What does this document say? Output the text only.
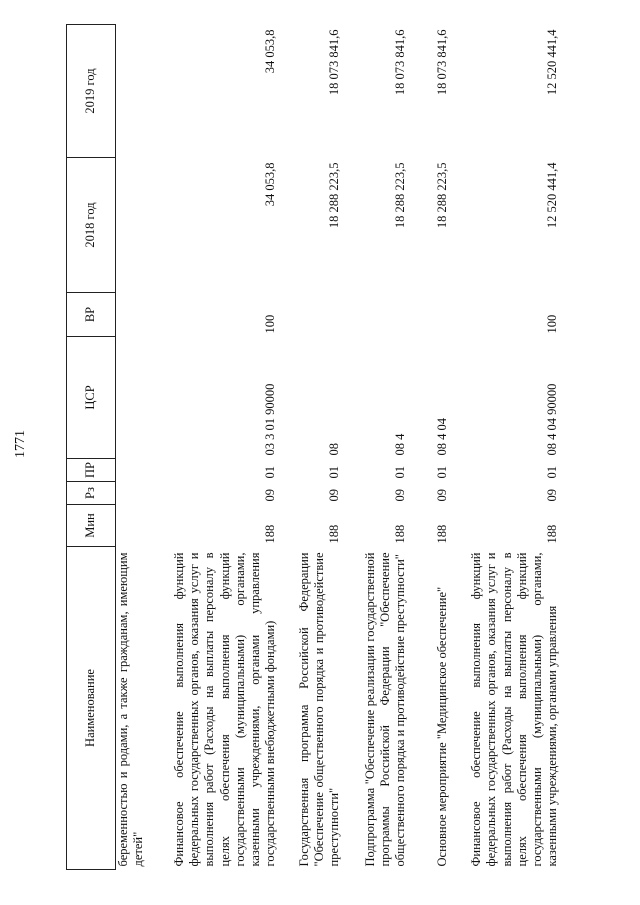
1771
Наименование	Мин	Рз	ПР	ЦСР	ВР	2018 год	2019 год
беременностью и родами, а также гражданам, имеющим детей"							
Финансовое обеспечение выполнения функций федеральных государственных органов, оказания услуг и выполнения работ (Расходы на выплаты персоналу в целях обеспечения выполнения функций государственными (муниципальными) органами, казенными учреждениями, органами управления государственными внебюджетными фондами)	188	09	01	03 3 01 90000	100	34 053,8	34 053,8
Государственная программа Российской Федерации "Обеспечение общественного порядка и противодействие преступности"	188	09	01	08		18 288 223,5	18 073 841,6
Подпрограмма "Обеспечение реализации государственной программы Российской Федерации "Обеспечение общественного порядка и противодействие преступности"	188	09	01	08 4		18 288 223,5	18 073 841,6
Основное мероприятие "Медицинское обеспечение"	188	09	01	08 4 04		18 288 223,5	18 073 841,6
Финансовое обеспечение выполнения функций федеральных государственных органов, оказания услуг и выполнения работ (Расходы на выплаты персоналу в целях обеспечения выполнения функций государственными (муниципальными) органами, казенными учреждениями, органами управления	188	09	01	08 4 04 90000	100	12 520 441,4	12 520 441,4
